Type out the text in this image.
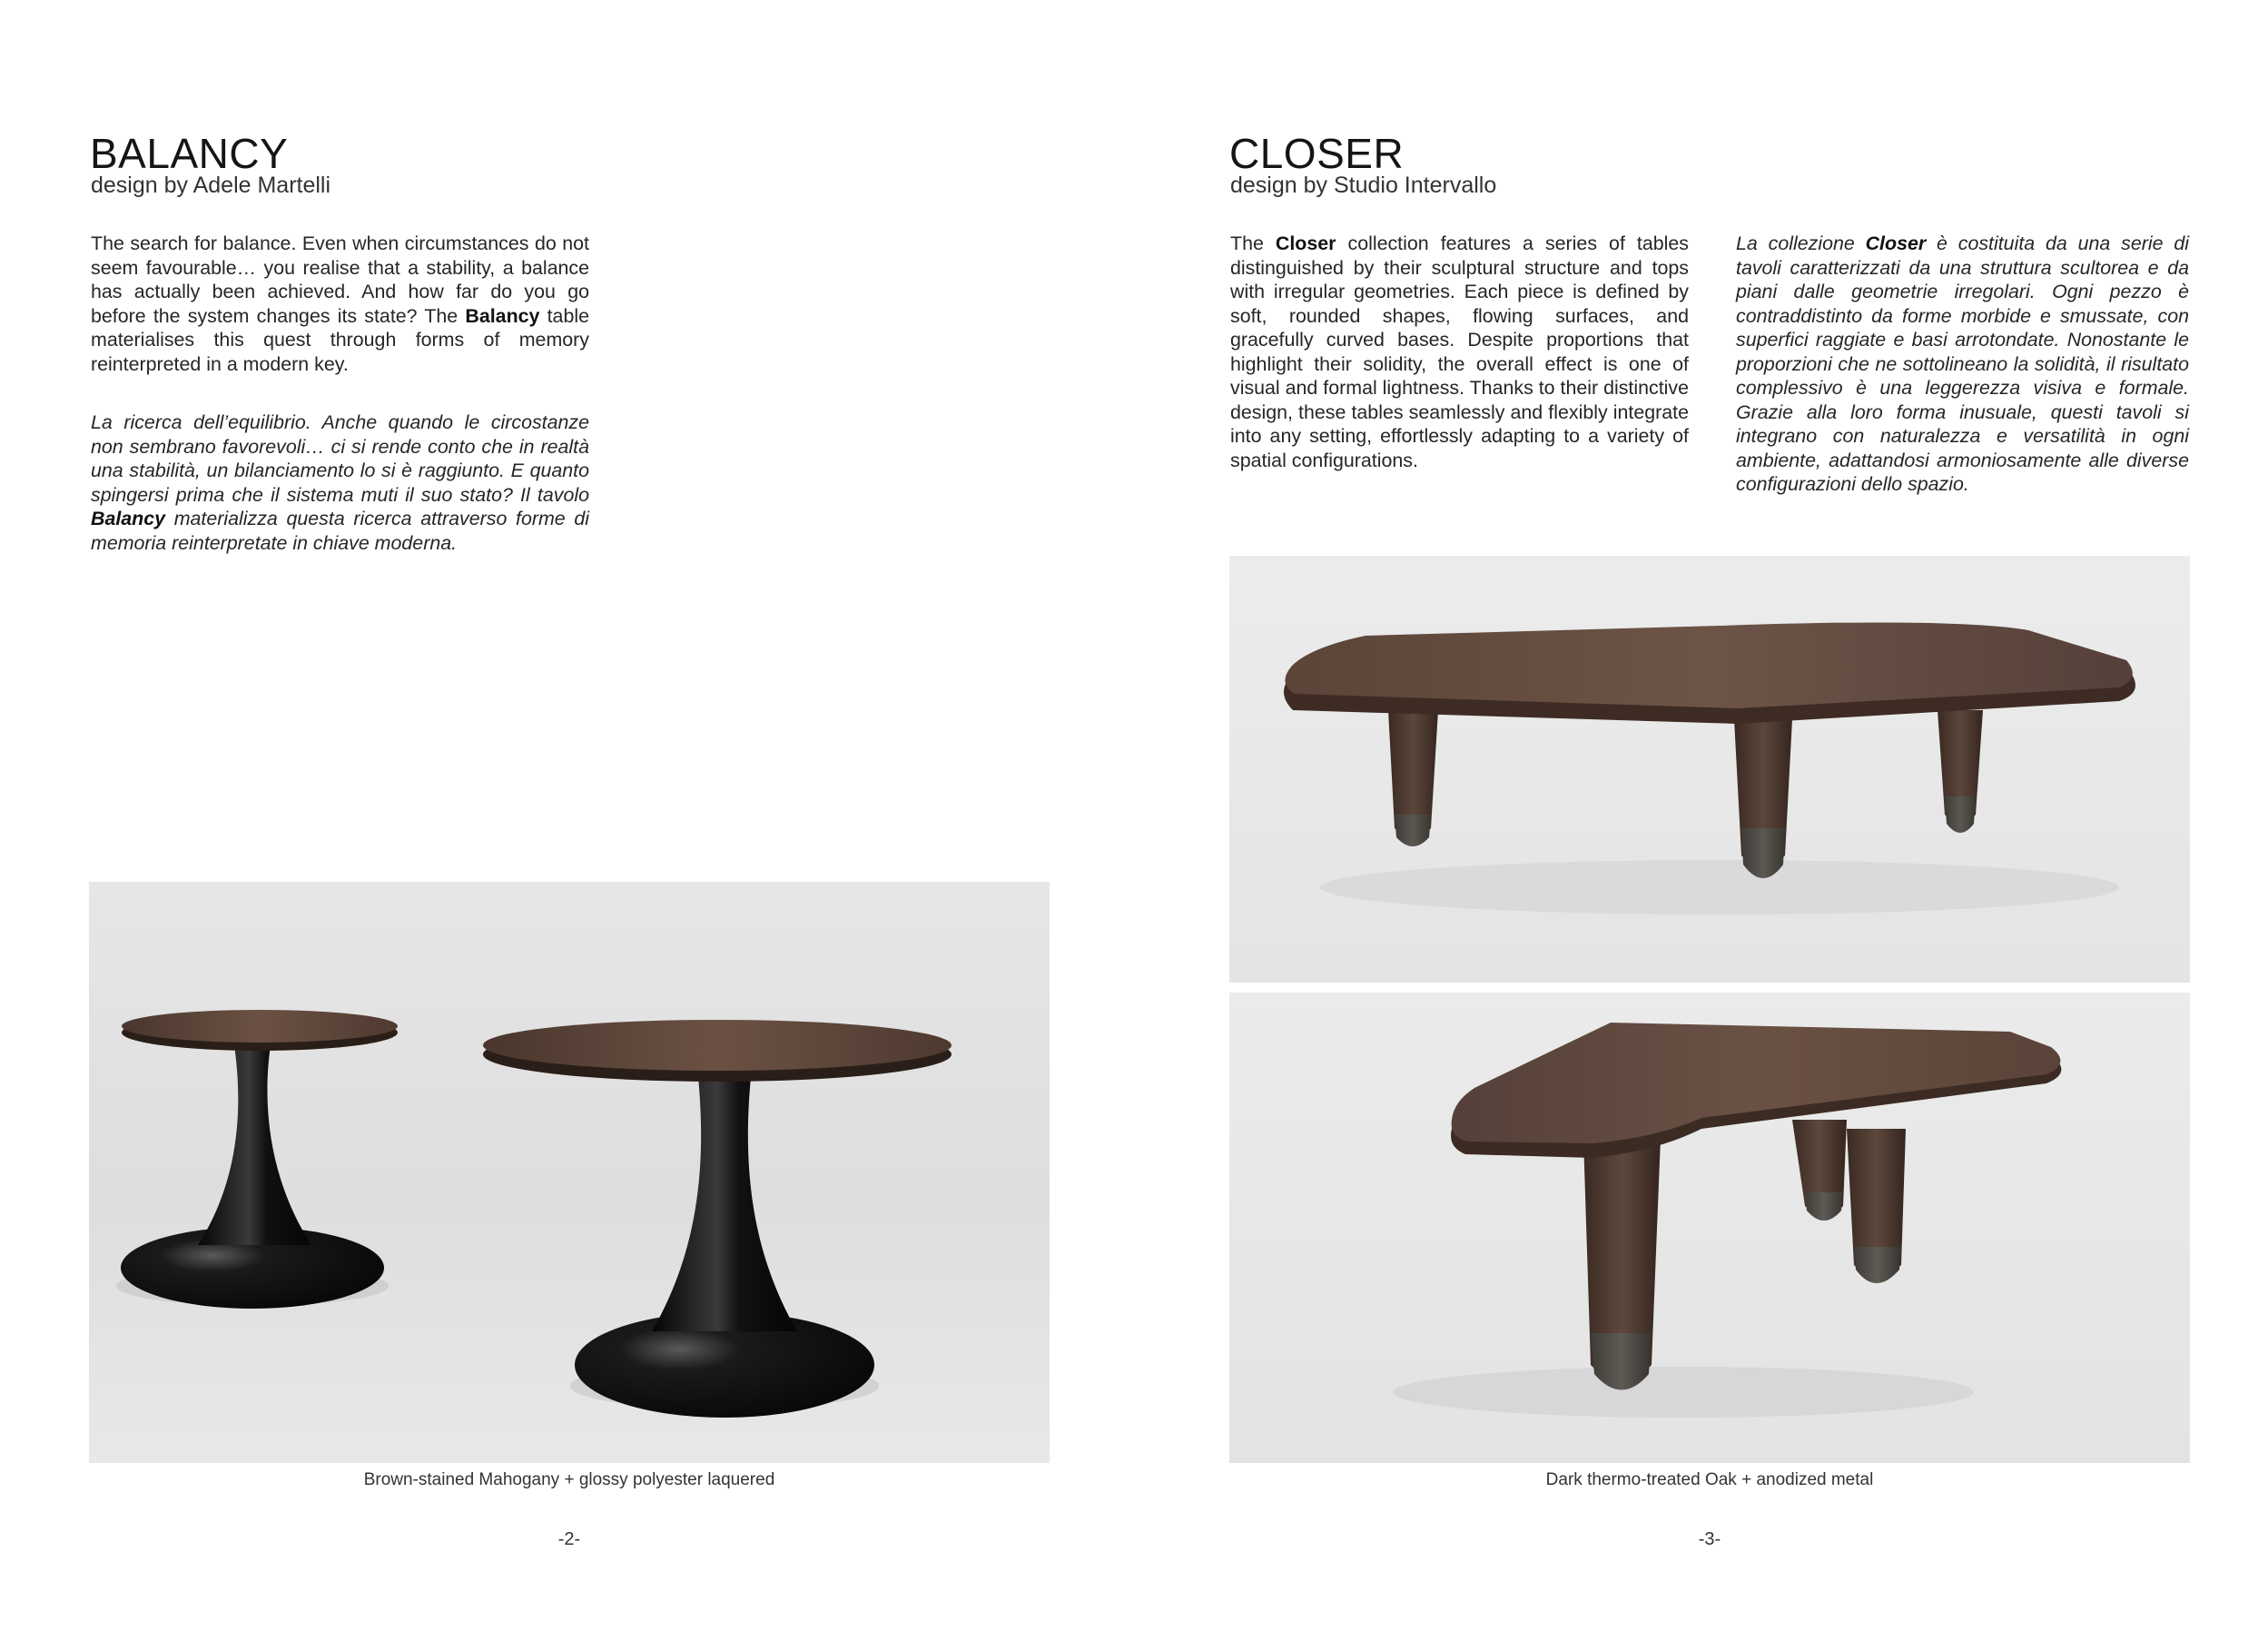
BALANCY
design by Adele Martelli
The search for balance. Even when circumstances do not seem favourable… you realise that a stability, a balance has actually been achieved. And how far do you go before the system changes its state? The Balancy table materialises this quest through forms of memory reinterpreted in a modern key.
La ricerca dell’equilibrio. Anche quando le circostanze non sembrano favorevoli… ci si rende conto che in realtà una stabilità, un bilanciamento lo si è raggiunto. E quanto spingersi prima che il sistema muti il suo stato? Il tavolo Balancy materializza questa ricerca attraverso forme di memoria reinterpretate in chiave moderna.
Brown-stained Mahogany + glossy polyester laquered
-2-
CLOSER
design by Studio Intervallo
The Closer collection features a series of tables distinguished by their sculptural structure and tops with irregular geometries. Each piece is defined by soft, rounded shapes, flowing surfaces, and gracefully curved bases. Despite proportions that highlight their solidity, the overall effect is one of visual and formal lightness. Thanks to their distinctive design, these tables seamlessly and flexibly integrate into any setting, effortlessly adapting to a variety of spatial configurations.
La collezione Closer è costituita da una serie di tavoli caratterizzati da una struttura scultorea e da piani dalle geometrie irregolari. Ogni pezzo è contraddistinto da forme morbide e smussate, con superfici raggiate e basi arrotondate. Nonostante le proporzioni che ne sottolineano la solidità, il risultato complessivo è una leggerezza visiva e formale. Grazie alla loro forma inusuale, questi tavoli si integrano con naturalezza e versatilità in ogni ambiente, adattandosi armoniosamente alle diverse configurazioni dello spazio.
Dark thermo-treated Oak + anodized metal
-3-
